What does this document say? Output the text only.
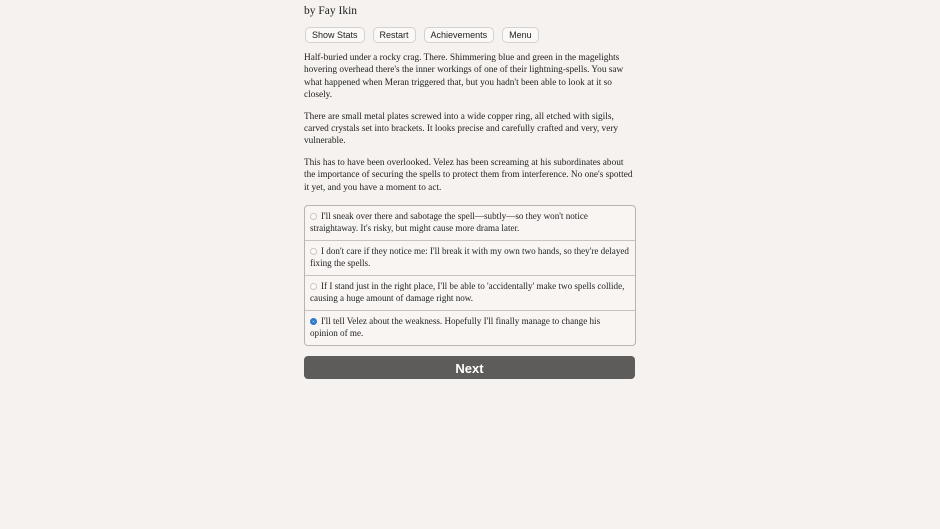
by Fay Ikin
Show Stats	Restart	Achievements	Menu

Half-buried under a rocky crag. There. Shimmering blue and green in the magelights hovering overhead there's the inner workings of one of their lightning-spells. You saw what happened when Meran triggered that, but you hadn't been able to look at it so closely.

There are small metal plates screwed into a wide copper ring, all etched with sigils, carved crystals set into brackets. It looks precise and carefully crafted and very, very vulnerable.

This has to have been overlooked. Velez has been screaming at his subordinates about the importance of securing the spells to protect them from interference. No one's spotted it yet, and you have a moment to act.

I'll sneak over there and sabotage the spell—subtly—so they won't notice straightaway. It's risky, but might cause more drama later.
I don't care if they notice me: I'll break it with my own two hands, so they're delayed fixing the spells.
If I stand just in the right place, I'll be able to 'accidentally' make two spells collide, causing a huge amount of damage right now.
I'll tell Velez about the weakness. Hopefully I'll finally manage to change his opinion of me.
Next
